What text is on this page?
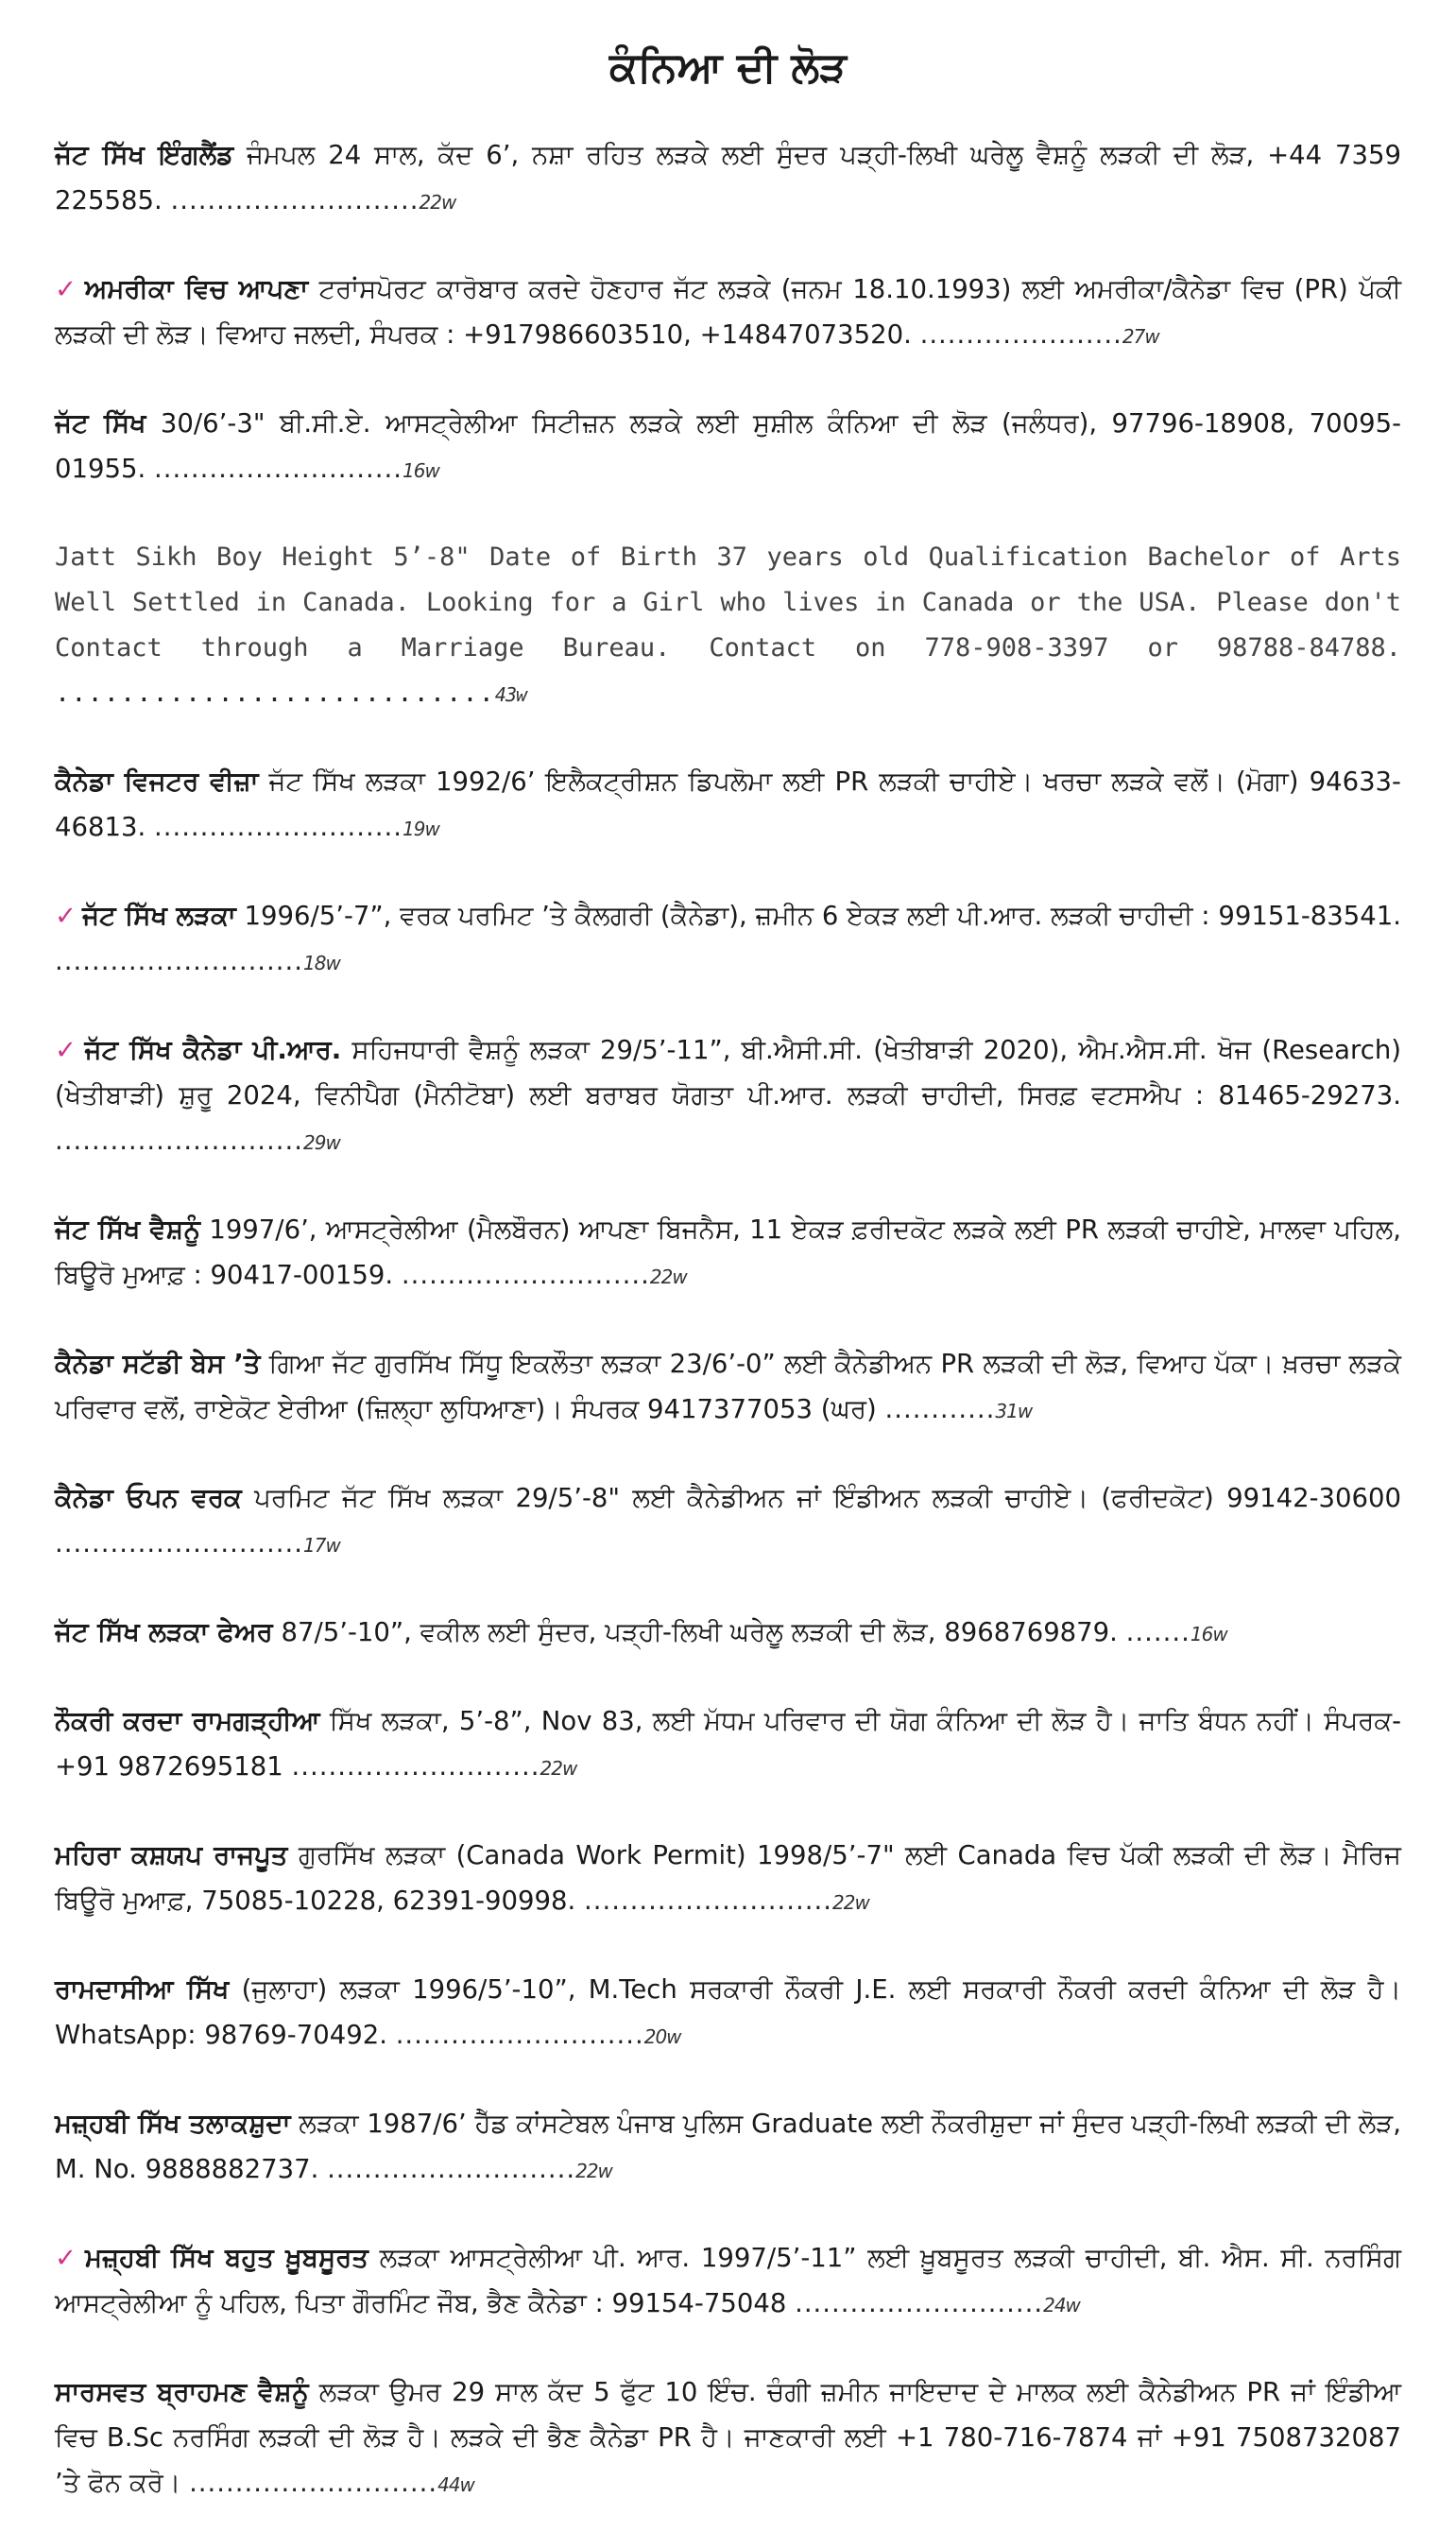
ਕੰਨਿਆ ਦੀ ਲੋੜ

ਜੱਟ ਸਿੱਖ ਇੰਗਲੈਂਡ ਜੰਮਪਲ 24 ਸਾਲ, ਕੱਦ 6’, ਨਸ਼ਾ ਰਹਿਤ ਲੜਕੇ ਲਈ ਸੁੰਦਰ ਪੜ੍ਹੀ-ਲਿਖੀ ਘਰੇਲੂ ਵੈਸ਼ਨੂੰ ਲੜਕੀ ਦੀ ਲੋੜ, +44 7359 225585. ...........................22w

✓ ਅਮਰੀਕਾ ਵਿਚ ਆਪਣਾ ਟਰਾਂਸਪੋਰਟ ਕਾਰੋਬਾਰ ਕਰਦੇ ਹੋਣਹਾਰ ਜੱਟ ਲੜਕੇ (ਜਨਮ 18.10.1993) ਲਈ ਅਮਰੀਕਾ/ਕੈਨੇਡਾ ਵਿਚ (PR) ਪੱਕੀ ਲੜਕੀ ਦੀ ਲੋੜ। ਵਿਆਹ ਜਲਦੀ, ਸੰਪਰਕ : +917986603510, +14847073520. ......................27w

ਜੱਟ ਸਿੱਖ 30/6’-3" ਬੀ.ਸੀ.ਏ. ਆਸਟ੍ਰੇਲੀਆ ਸਿਟੀਜ਼ਨ ਲੜਕੇ ਲਈ ਸੁਸ਼ੀਲ ਕੰਨਿਆ ਦੀ ਲੋੜ (ਜਲੰਧਰ), 97796-18908, 70095-01955. ...........................16w

Jatt Sikh Boy Height 5’-8" Date of Birth 37 years old Qualification Bachelor of Arts Well Settled in Canada. Looking for a Girl who lives in Canada or the USA. Please don't Contact through a Marriage Bureau. Contact on 778-908-3397 or 98788-84788. ...........................43w

ਕੈਨੇਡਾ ਵਿਜਟਰ ਵੀਜ਼ਾ ਜੱਟ ਸਿੱਖ ਲੜਕਾ 1992/6’ ਇਲੈਕਟ੍ਰੀਸ਼ਨ ਡਿਪਲੋਮਾ ਲਈ PR ਲੜਕੀ ਚਾਹੀਏ। ਖਰਚਾ ਲੜਕੇ ਵਲੋਂ। (ਮੋਗਾ) 94633-46813. ...........................19w

✓ ਜੱਟ ਸਿੱਖ ਲੜਕਾ 1996/5’-7”, ਵਰਕ ਪਰਮਿਟ ’ਤੇ ਕੈਲਗਰੀ (ਕੈਨੇਡਾ), ਜ਼ਮੀਨ 6 ਏਕੜ ਲਈ ਪੀ.ਆਰ. ਲੜਕੀ ਚਾਹੀਦੀ : 99151-83541. ...........................18w

✓ ਜੱਟ ਸਿੱਖ ਕੈਨੇਡਾ ਪੀ.ਆਰ. ਸਹਿਜਧਾਰੀ ਵੈਸ਼ਨੂੰ ਲੜਕਾ 29/5’-11”, ਬੀ.ਐਸੀ.ਸੀ. (ਖੇਤੀਬਾੜੀ 2020), ਐਮ.ਐਸ.ਸੀ. ਖੋਜ (Research) (ਖੇਤੀਬਾੜੀ) ਸ਼ੁਰੂ 2024, ਵਿਨੀਪੈਗ (ਮੈਨੀਟੋਬਾ) ਲਈ ਬਰਾਬਰ ਯੋਗਤਾ ਪੀ.ਆਰ. ਲੜਕੀ ਚਾਹੀਦੀ, ਸਿਰਫ਼ ਵਟਸਐਪ : 81465-29273. ...........................29w

ਜੱਟ ਸਿੱਖ ਵੈਸ਼ਨੂੰ 1997/6’, ਆਸਟ੍ਰੇਲੀਆ (ਮੈਲਬੌਰਨ) ਆਪਣਾ ਬਿਜਨੈਸ, 11 ਏਕੜ ਫ਼ਰੀਦਕੋਟ ਲੜਕੇ ਲਈ PR ਲੜਕੀ ਚਾਹੀਏ, ਮਾਲਵਾ ਪਹਿਲ, ਬਿਊਰੋ ਮੁਆਫ਼ : 90417-00159. ...........................22w

ਕੈਨੇਡਾ ਸਟੱਡੀ ਬੇਸ ’ਤੇ ਗਿਆ ਜੱਟ ਗੁਰਸਿੱਖ ਸਿੱਧੂ ਇਕਲੌਤਾ ਲੜਕਾ 23/6’-0” ਲਈ ਕੈਨੇਡੀਅਨ PR ਲੜਕੀ ਦੀ ਲੋੜ, ਵਿਆਹ ਪੱਕਾ। ਖ਼ਰਚਾ ਲੜਕੇ ਪਰਿਵਾਰ ਵਲੋਂ, ਰਾਏਕੋਟ ਏਰੀਆ (ਜ਼ਿਲ੍ਹਾ ਲੁਧਿਆਣਾ)। ਸੰਪਰਕ 9417377053 (ਘਰ) ............31w

ਕੈਨੇਡਾ ਓਪਨ ਵਰਕ ਪਰਮਿਟ ਜੱਟ ਸਿੱਖ ਲੜਕਾ 29/5’-8" ਲਈ ਕੈਨੇਡੀਅਨ ਜਾਂ ਇੰਡੀਅਨ ਲੜਕੀ ਚਾਹੀਏ। (ਫਰੀਦਕੋਟ) 99142-30600 ...........................17w

ਜੱਟ ਸਿੱਖ ਲੜਕਾ ਫੇਅਰ 87/5’-10”, ਵਕੀਲ ਲਈ ਸੁੰਦਰ, ਪੜ੍ਹੀ-ਲਿਖੀ ਘਰੇਲੂ ਲੜਕੀ ਦੀ ਲੋੜ, 8968769879. .......16w

ਨੌਕਰੀ ਕਰਦਾ ਰਾਮਗੜ੍ਹੀਆ ਸਿੱਖ ਲੜਕਾ, 5’-8”, Nov 83, ਲਈ ਮੱਧਮ ਪਰਿਵਾਰ ਦੀ ਯੋਗ ਕੰਨਿਆ ਦੀ ਲੋੜ ਹੈ। ਜਾਤਿ ਬੰਧਨ ਨਹੀਂ। ਸੰਪਰਕ- +91 9872695181 ...........................22w

ਮਹਿਰਾ ਕਸ਼ਯਪ ਰਾਜਪੂਤ ਗੁਰਸਿੱਖ ਲੜਕਾ (Canada Work Permit) 1998/5’-7" ਲਈ Canada ਵਿਚ ਪੱਕੀ ਲੜਕੀ ਦੀ ਲੋੜ। ਮੈਰਿਜ ਬਿਊਰੋ ਮੁਆਫ਼, 75085-10228, 62391-90998. ...........................22w

ਰਾਮਦਾਸੀਆ ਸਿੱਖ (ਜੁਲਾਹਾ) ਲੜਕਾ 1996/5’-10”, M.Tech ਸਰਕਾਰੀ ਨੌਕਰੀ J.E. ਲਈ ਸਰਕਾਰੀ ਨੌਕਰੀ ਕਰਦੀ ਕੰਨਿਆ ਦੀ ਲੋੜ ਹੈ। WhatsApp: 98769-70492. ...........................20w

ਮਜ਼੍ਹਬੀ ਸਿੱਖ ਤਲਾਕਸ਼ੁਦਾ ਲੜਕਾ 1987/6’ ਹੈੱਡ ਕਾਂਸਟੇਬਲ ਪੰਜਾਬ ਪੁਲਿਸ Graduate ਲਈ ਨੌਕਰੀਸ਼ੁਦਾ ਜਾਂ ਸੁੰਦਰ ਪੜ੍ਹੀ-ਲਿਖੀ ਲੜਕੀ ਦੀ ਲੋੜ, M. No. 9888882737. ...........................22w

✓ ਮਜ਼੍ਹਬੀ ਸਿੱਖ ਬਹੁਤ ਖ਼ੂਬਸੂਰਤ ਲੜਕਾ ਆਸਟ੍ਰੇਲੀਆ ਪੀ. ਆਰ. 1997/5’-11” ਲਈ ਖ਼ੂਬਸੂਰਤ ਲੜਕੀ ਚਾਹੀਦੀ, ਬੀ. ਐਸ. ਸੀ. ਨਰਸਿੰਗ ਆਸਟ੍ਰੇਲੀਆ ਨੂੰ ਪਹਿਲ, ਪਿਤਾ ਗੌਰਮਿੰਟ ਜੌਬ, ਭੈਣ ਕੈਨੇਡਾ : 99154-75048 ...........................24w

ਸਾਰਸਵਤ ਬ੍ਰਾਹਮਣ ਵੈਸ਼ਨੂੰ ਲੜਕਾ ਉਮਰ 29 ਸਾਲ ਕੱਦ 5 ਫੁੱਟ 10 ਇੰਚ. ਚੰਗੀ ਜ਼ਮੀਨ ਜਾਇਦਾਦ ਦੇ ਮਾਲਕ ਲਈ ਕੈਨੇਡੀਅਨ PR ਜਾਂ ਇੰਡੀਆ ਵਿਚ B.Sc ਨਰਸਿੰਗ ਲੜਕੀ ਦੀ ਲੋੜ ਹੈ। ਲੜਕੇ ਦੀ ਭੈਣ ਕੈਨੇਡਾ PR ਹੈ। ਜਾਣਕਾਰੀ ਲਈ +1 780-716-7874 ਜਾਂ +91 7508732087 ’ਤੇ ਫੋਨ ਕਰੋ। ...........................44w
